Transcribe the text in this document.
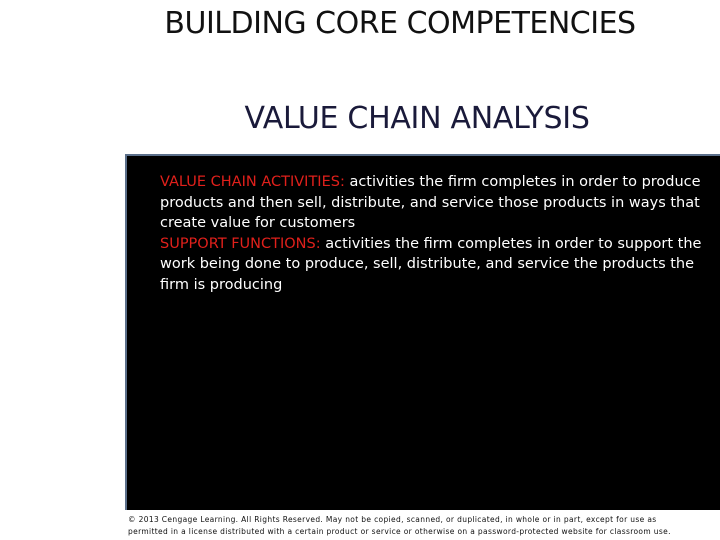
BUILDING CORE COMPETENCIES
VALUE CHAIN ANALYSIS

VALUE CHAIN ACTIVITIES: activities the firm completes in order to produce products and then sell, distribute, and service those products in ways that create value for customers

SUPPORT FUNCTIONS: activities the firm completes in order to support the work being done to produce, sell, distribute, and service the products the firm is producing

© 2013 Cengage Learning. All Rights Reserved. May not be copied, scanned, or duplicated, in whole or in part, except for use as
permitted in a license distributed with a certain product or service or otherwise on a password-protected website for classroom use.
